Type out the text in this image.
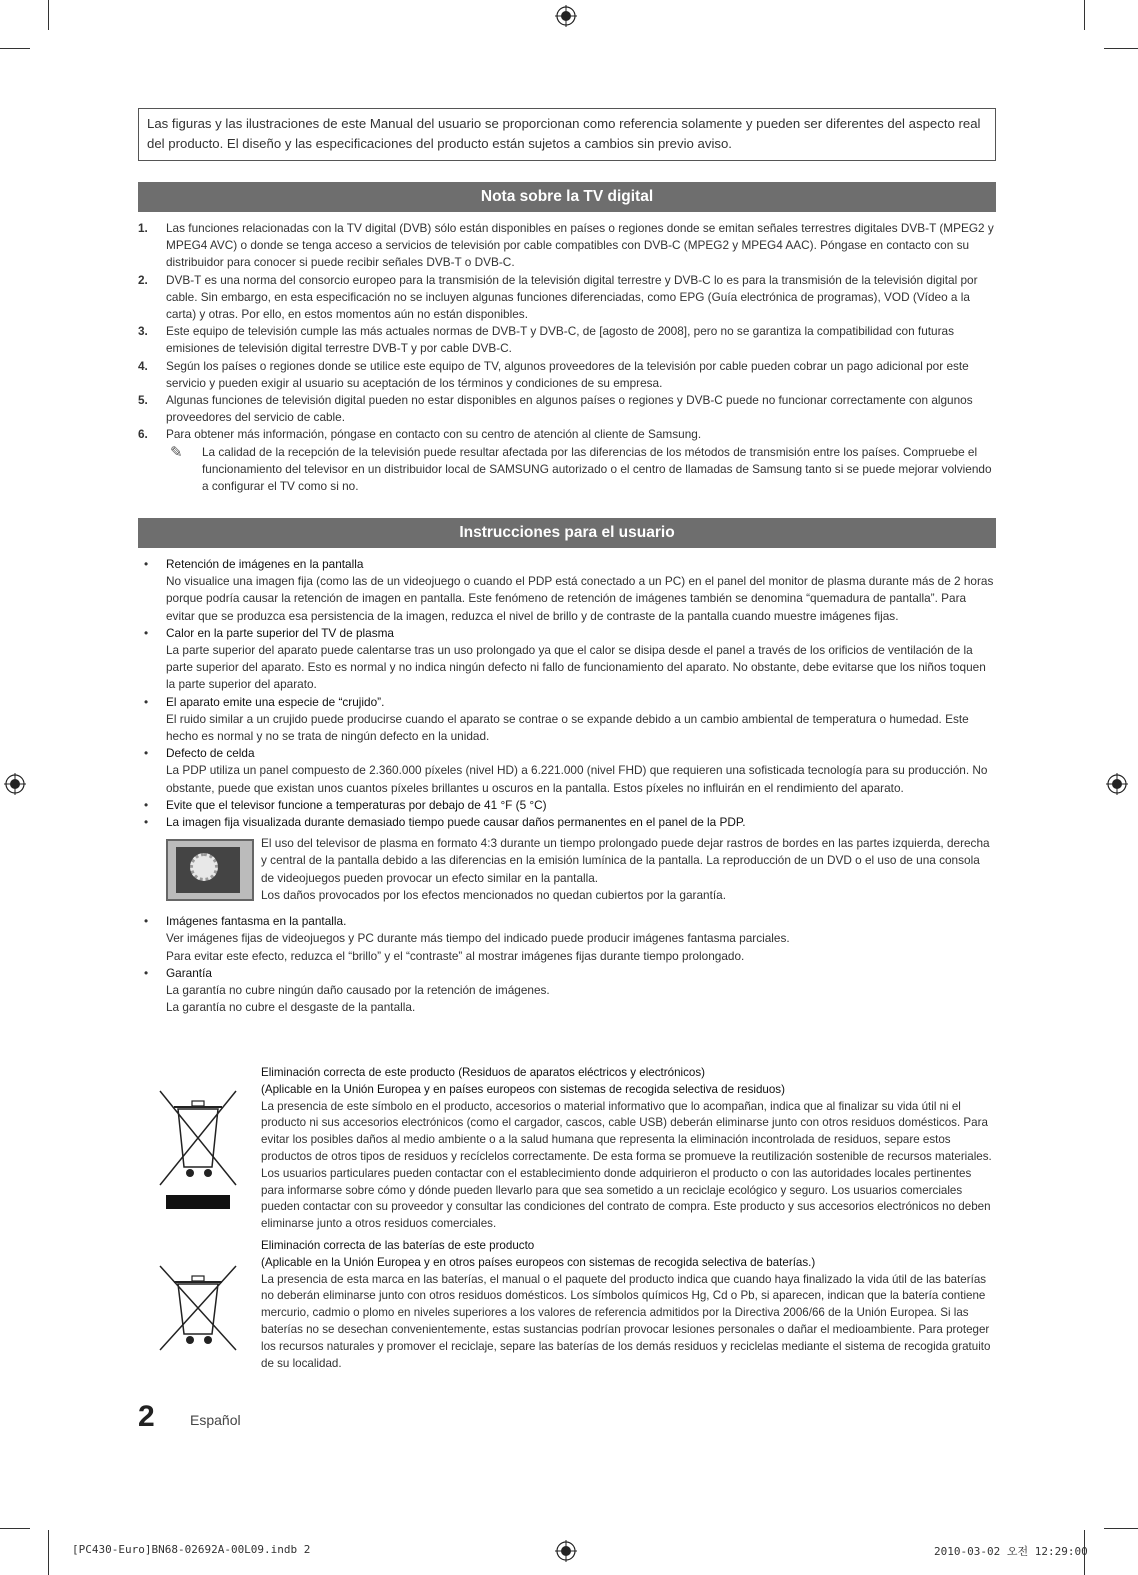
Las figuras y las ilustraciones de este Manual del usuario se proporcionan como referencia solamente y pueden ser diferentes del aspecto real del producto. El diseño y las especificaciones del producto están sujetos a cambios sin previo aviso.
Nota sobre la TV digital
1. Las funciones relacionadas con la TV digital (DVB) sólo están disponibles en países o regiones donde se emitan señales terrestres digitales DVB-T (MPEG2 y MPEG4 AVC) o donde se tenga acceso a servicios de televisión por cable compatibles con DVB-C (MPEG2 y MPEG4 AAC). Póngase en contacto con su distribuidor para conocer si puede recibir señales DVB-T o DVB-C.
2. DVB-T es una norma del consorcio europeo para la transmisión de la televisión digital terrestre y DVB-C lo es para la transmisión de la televisión digital por cable. Sin embargo, en esta especificación no se incluyen algunas funciones diferenciadas, como EPG (Guía electrónica de programas), VOD (Vídeo a la carta) y otras. Por ello, en estos momentos aún no están disponibles.
3. Este equipo de televisión cumple las más actuales normas de DVB-T y DVB-C, de [agosto de 2008], pero no se garantiza la compatibilidad con futuras emisiones de televisión digital terrestre DVB-T y por cable DVB-C.
4. Según los países o regiones donde se utilice este equipo de TV, algunos proveedores de la televisión por cable pueden cobrar un pago adicional por este servicio y pueden exigir al usuario su aceptación de los términos y condiciones de su empresa.
5. Algunas funciones de televisión digital pueden no estar disponibles en algunos países o regiones y DVB-C puede no funcionar correctamente con algunos proveedores del servicio de cable.
6. Para obtener más información, póngase en contacto con su centro de atención al cliente de Samsung.
✎ La calidad de la recepción de la televisión puede resultar afectada por las diferencias de los métodos de transmisión entre los países. Compruebe el funcionamiento del televisor en un distribuidor local de SAMSUNG autorizado o el centro de llamadas de Samsung tanto si se puede mejorar volviendo a configurar el TV como si no.
Instrucciones para el usuario
• Retención de imágenes en la pantalla

No visualice una imagen fija (como las de un videojuego o cuando el PDP está conectado a un PC) en el panel del monitor de plasma durante más de 2 horas porque podría causar la retención de imagen en pantalla. Este fenómeno de retención de imágenes también se denomina “quemadura de pantalla”. Para evitar que se produzca esa persistencia de la imagen, reduzca el nivel de brillo y de contraste de la pantalla cuando muestre imágenes fijas.

• Calor en la parte superior del TV de plasma

La parte superior del aparato puede calentarse tras un uso prolongado ya que el calor se disipa desde el panel a través de los orificios de ventilación de la parte superior del aparato. Esto es normal y no indica ningún defecto ni fallo de funcionamiento del aparato. No obstante, debe evitarse que los niños toquen la parte superior del aparato.

• El aparato emite una especie de “crujido”.

El ruido similar a un crujido puede producirse cuando el aparato se contrae o se expande debido a un cambio ambiental de temperatura o humedad. Este hecho es normal y no se trata de ningún defecto en la unidad.

• Defecto de celda

La PDP utiliza un panel compuesto de 2.360.000 píxeles (nivel HD) a 6.221.000 (nivel FHD) que requieren una sofisticada tecnología para su producción. No obstante, puede que existan unos cuantos píxeles brillantes u oscuros en la pantalla. Estos píxeles no influirán en el rendimiento del aparato.

• Evite que el televisor funcione a temperaturas por debajo de 41 °F (5 °C)

• La imagen fija visualizada durante demasiado tiempo puede causar daños permanentes en el panel de la PDP.

El uso del televisor de plasma en formato 4:3 durante un tiempo prolongado puede dejar rastros de bordes en las partes izquierda, derecha y central de la pantalla debido a las diferencias en la emisión lumínica de la pantalla. La reproducción de un DVD o el uso de una consola de videojuegos pueden provocar un efecto similar en la pantalla.
Los daños provocados por los efectos mencionados no quedan cubiertos por la garantía.
• Imágenes fantasma en la pantalla.

Ver imágenes fijas de videojuegos y PC durante más tiempo del indicado puede producir imágenes fantasma parciales.

Para evitar este efecto, reduzca el “brillo” y el “contraste” al mostrar imágenes fijas durante tiempo prolongado.

• Garantía

La garantía no cubre ningún daño causado por la retención de imágenes.

La garantía no cubre el desgaste de la pantalla.

Eliminación correcta de este producto (Residuos de aparatos eléctricos y electrónicos)
(Aplicable en la Unión Europea y en países europeos con sistemas de recogida selectiva de residuos)
La presencia de este símbolo en el producto, accesorios o material informativo que lo acompañan, indica que al finalizar su vida útil ni el producto ni sus accesorios electrónicos (como el cargador, cascos, cable USB) deberán eliminarse junto con otros residuos domésticos. Para evitar los posibles daños al medio ambiente o a la salud humana que representa la eliminación incontrolada de residuos, separe estos productos de otros tipos de residuos y recíclelos correctamente. De esta forma se promueve la reutilización sostenible de recursos materiales. Los usuarios particulares pueden contactar con el establecimiento donde adquirieron el producto o con las autoridades locales pertinentes para informarse sobre cómo y dónde pueden llevarlo para que sea sometido a un reciclaje ecológico y seguro. Los usuarios comerciales pueden contactar con su proveedor y consultar las condiciones del contrato de compra. Este producto y sus accesorios electrónicos no deben eliminarse junto a otros residuos comerciales.
Eliminación correcta de las baterías de este producto
(Aplicable en la Unión Europea y en otros países europeos con sistemas de recogida selectiva de baterías.)
La presencia de esta marca en las baterías, el manual o el paquete del producto indica que cuando haya finalizado la vida útil de las baterías no deberán eliminarse junto con otros residuos domésticos. Los símbolos químicos Hg, Cd o Pb, si aparecen, indican que la batería contiene mercurio, cadmio o plomo en niveles superiores a los valores de referencia admitidos por la Directiva 2006/66 de la Unión Europea. Si las baterías no se desechan convenientemente, estas sustancias podrían provocar lesiones personales o dañar el medioambiente. Para proteger los recursos naturales y promover el reciclaje, separe las baterías de los demás residuos y reciclelas mediante el sistema de recogida gratuito de su localidad.
2	Español
[PC430-Euro]BN68-02692A-00L09.indb 2	2010-03-02 오전 12:29:00
